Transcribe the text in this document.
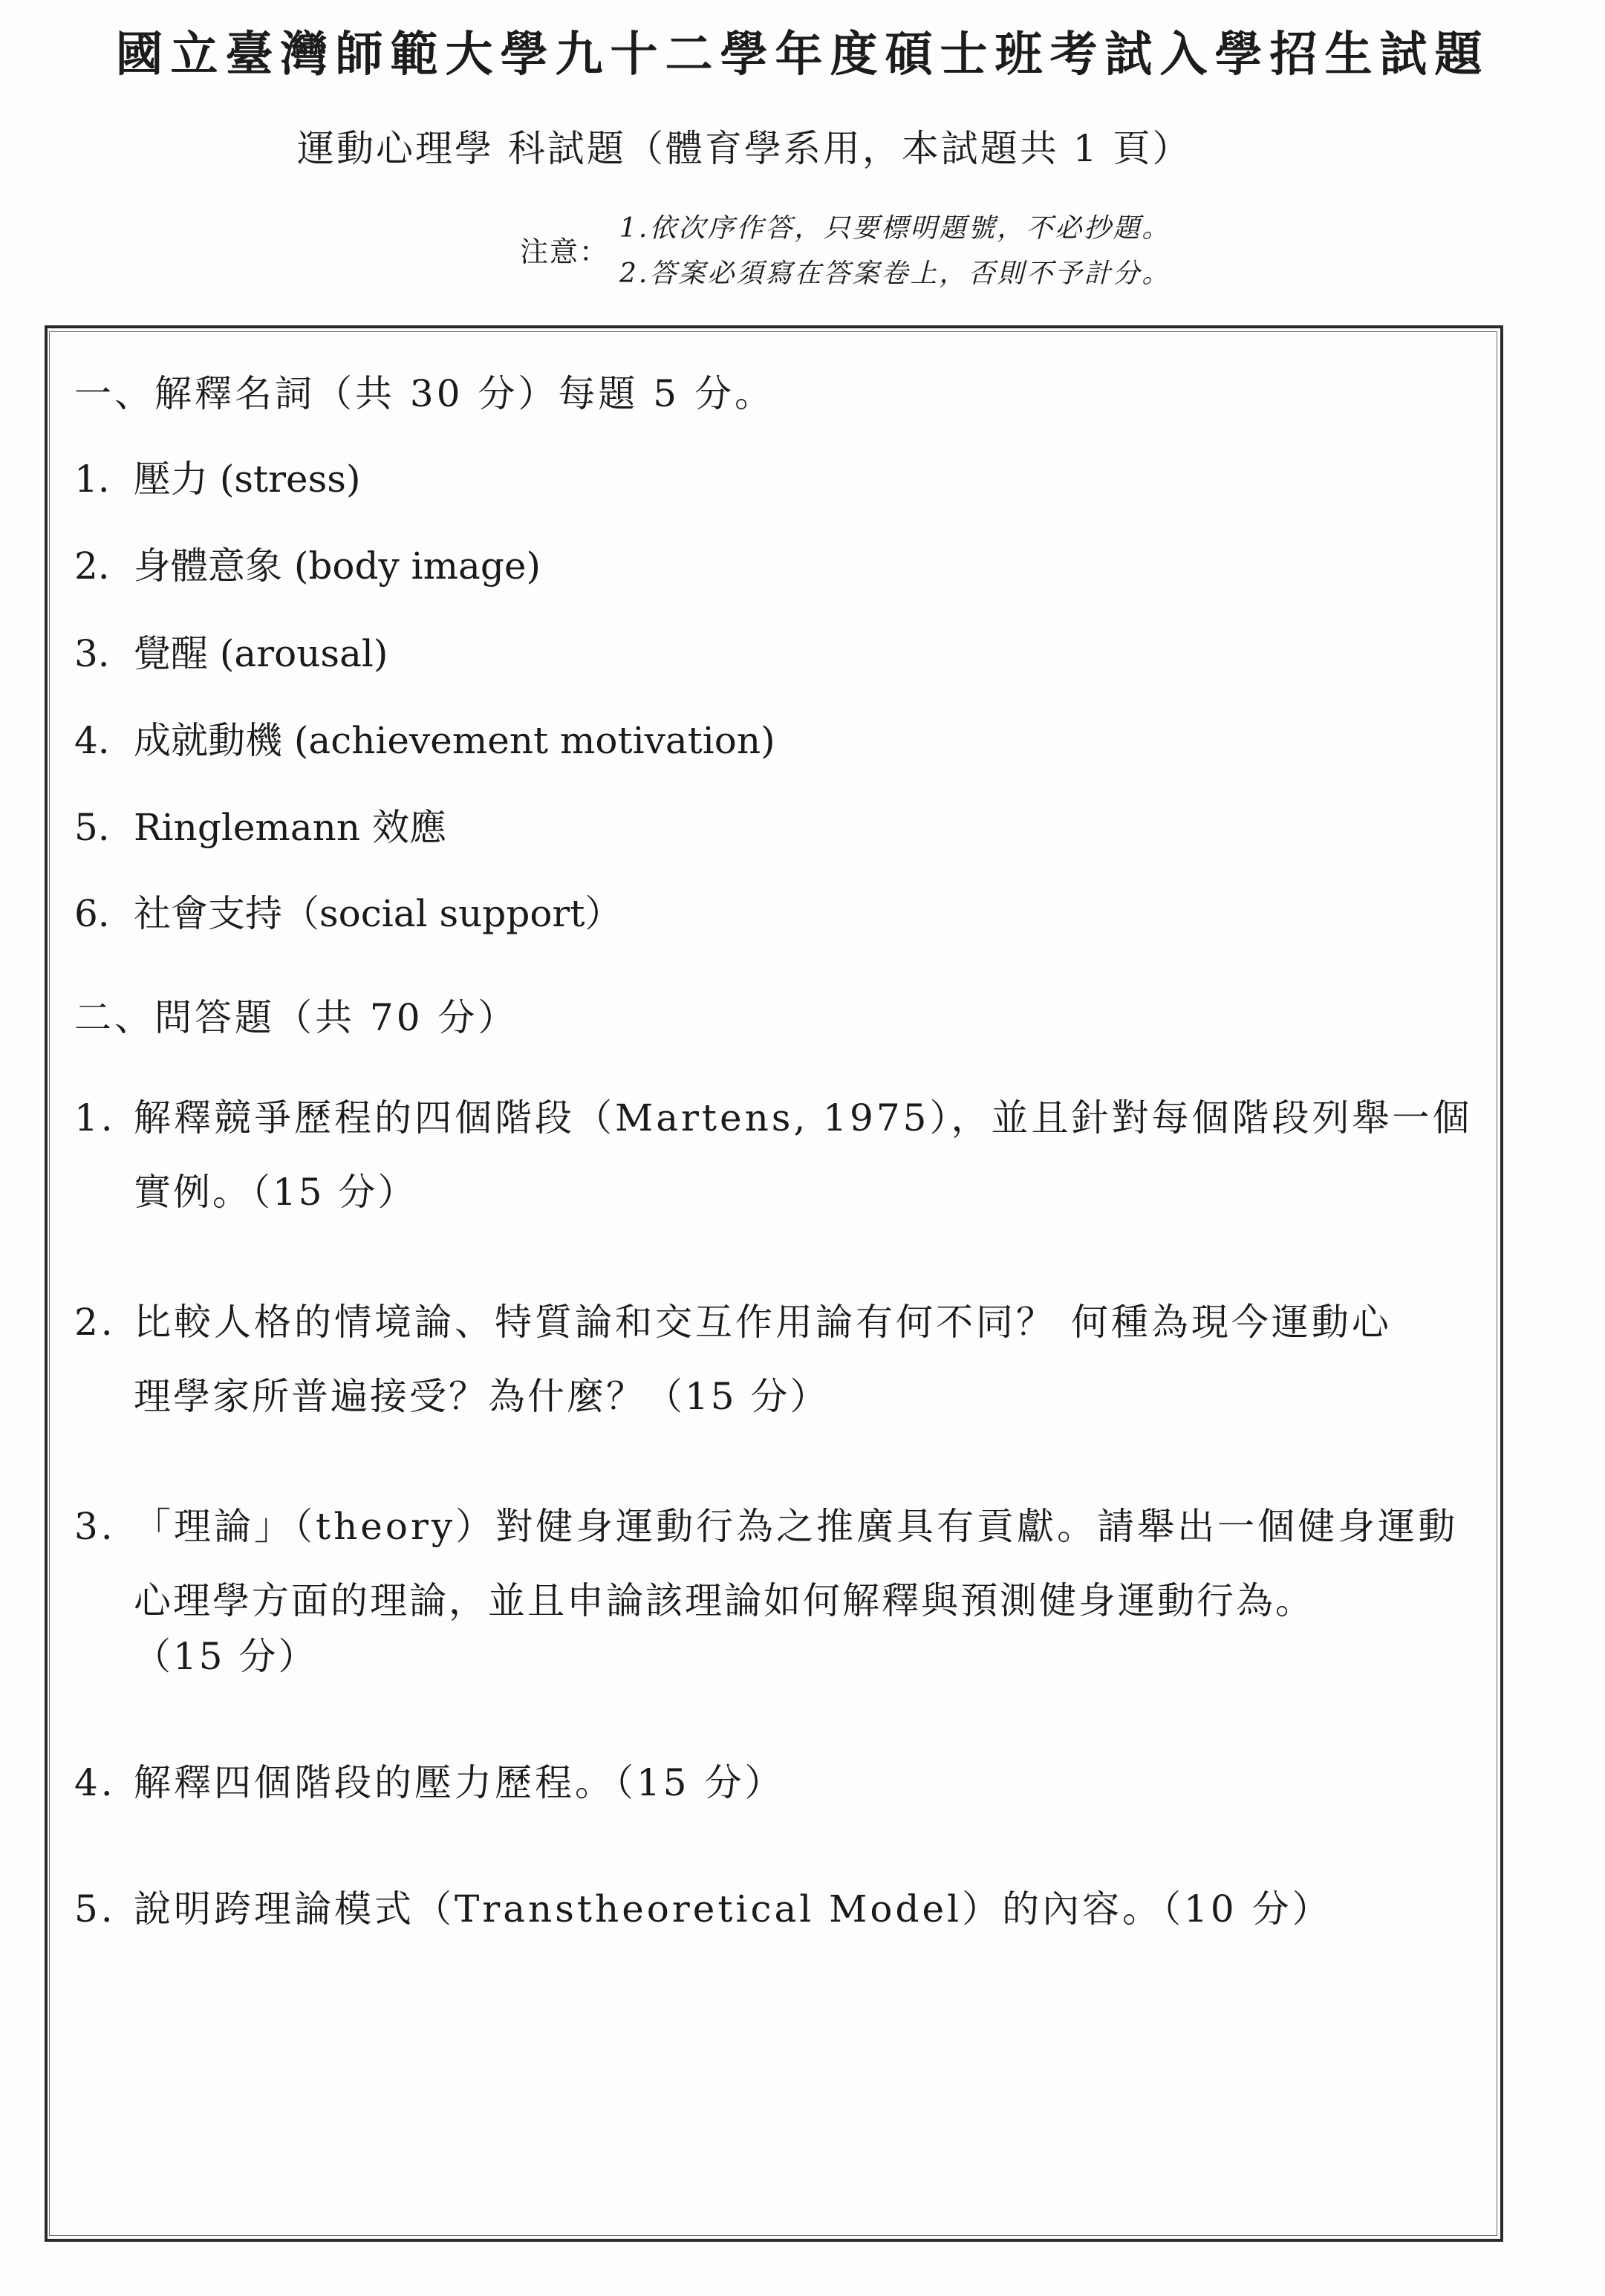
國立臺灣師範大學九十二學年度碩士班考試入學招生試題
運動心理學 科試題（體育學系用，本試題共 1 頁）
注意：
1.依次序作答，只要標明題號，不必抄題。
2.答案必須寫在答案卷上，否則不予計分。
一、解釋名詞（共 30 分）每題 5 分。
1. 壓力 (stress)
2. 身體意象 (body image)
3. 覺醒 (arousal)
4. 成就動機 (achievement motivation)
5. Ringlemann 效應
6. 社會支持（social support）
二、問答題（共 70 分）
1. 解釋競爭歷程的四個階段（Martens, 1975），並且針對每個階段列舉一個
實例。（15 分）
2. 比較人格的情境論、特質論和交互作用論有何不同？ 何種為現今運動心
理學家所普遍接受？為什麼？（15 分）
3. 「理論」（theory）對健身運動行為之推廣具有貢獻。請舉出一個健身運動
心理學方面的理論，並且申論該理論如何解釋與預測健身運動行為。
（15 分）
4. 解釋四個階段的壓力歷程。（15 分）
5. 說明跨理論模式（Transtheoretical Model）的內容。（10 分）
